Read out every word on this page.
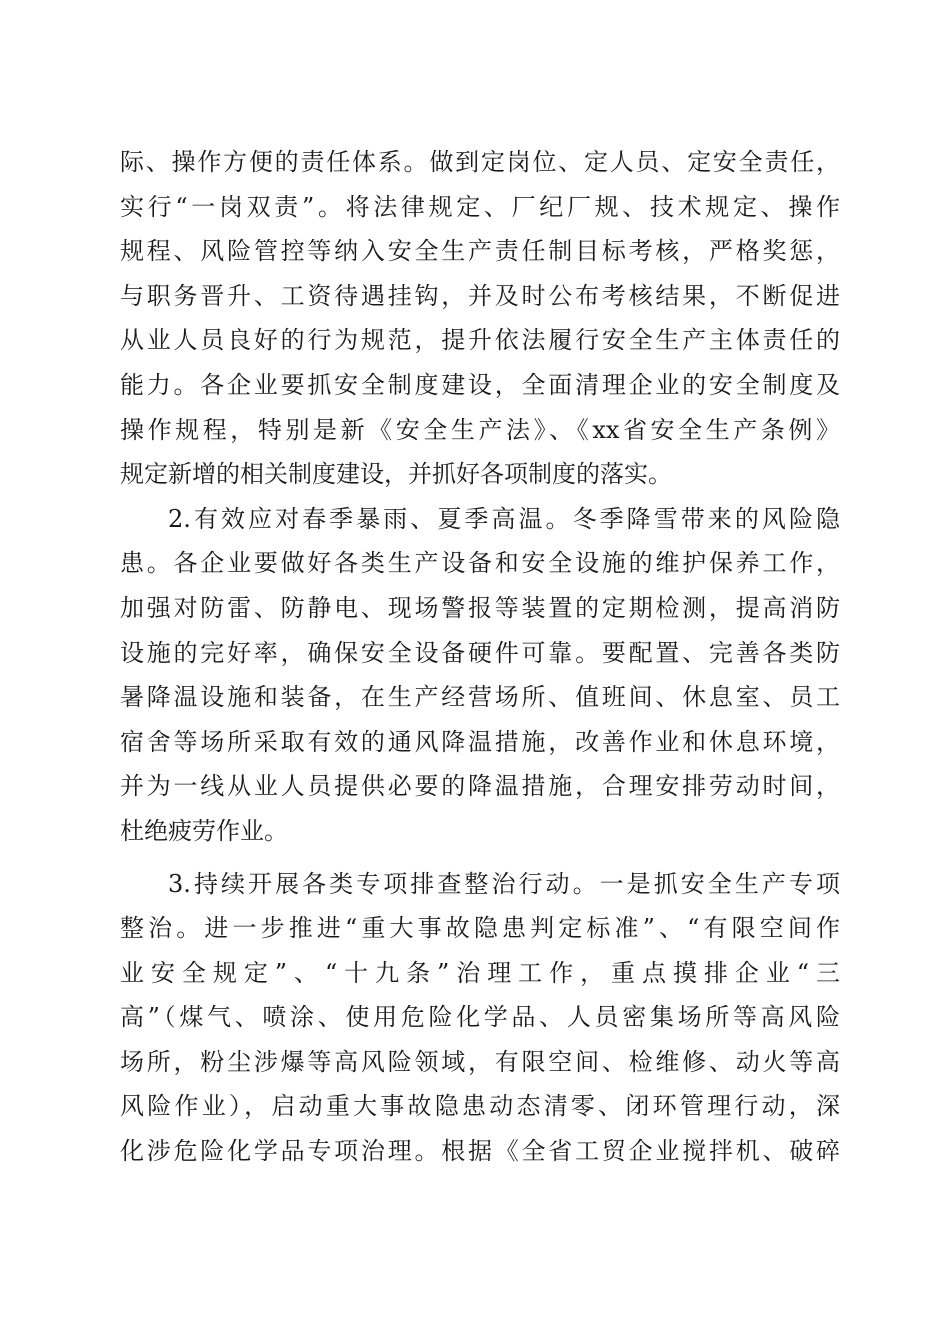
际、操作方便的责任体系。做到定岗位、定人员、定安全责任，
实行“一岗双责”。将法律规定、厂纪厂规、技术规定、操作
规程、风险管控等纳入安全生产责任制目标考核，严格奖惩，
与职务晋升、工资待遇挂钩，并及时公布考核结果，不断促进
从业人员良好的行为规范，提升依法履行安全生产主体责任的
能力。各企业要抓安全制度建设，全面清理企业的安全制度及
操作规程，特别是新《安全生产法》、《xx省安全生产条例》
规定新增的相关制度建设，并抓好各项制度的落实。
2.有效应对春季暴雨、夏季高温。冬季降雪带来的风险隐
患。各企业要做好各类生产设备和安全设施的维护保养工作，
加强对防雷、防静电、现场警报等装置的定期检测，提高消防
设施的完好率，确保安全设备硬件可靠。要配置、完善各类防
暑降温设施和装备，在生产经营场所、值班间、休息室、员工
宿舍等场所采取有效的通风降温措施，改善作业和休息环境，
并为一线从业人员提供必要的降温措施，合理安排劳动时间，
杜绝疲劳作业。
3.持续开展各类专项排查整治行动。一是抓安全生产专项
整治。进一步推进“重大事故隐患判定标准”、“有限空间作
业安全规定”、“十九条”治理工作，重点摸排企业“三
高”（煤气、喷涂、使用危险化学品、人员密集场所等高风险
场所，粉尘涉爆等高风险领域，有限空间、检维修、动火等高
风险作业），启动重大事故隐患动态清零、闭环管理行动，深
化涉危险化学品专项治理。根据《全省工贸企业搅拌机、破碎
